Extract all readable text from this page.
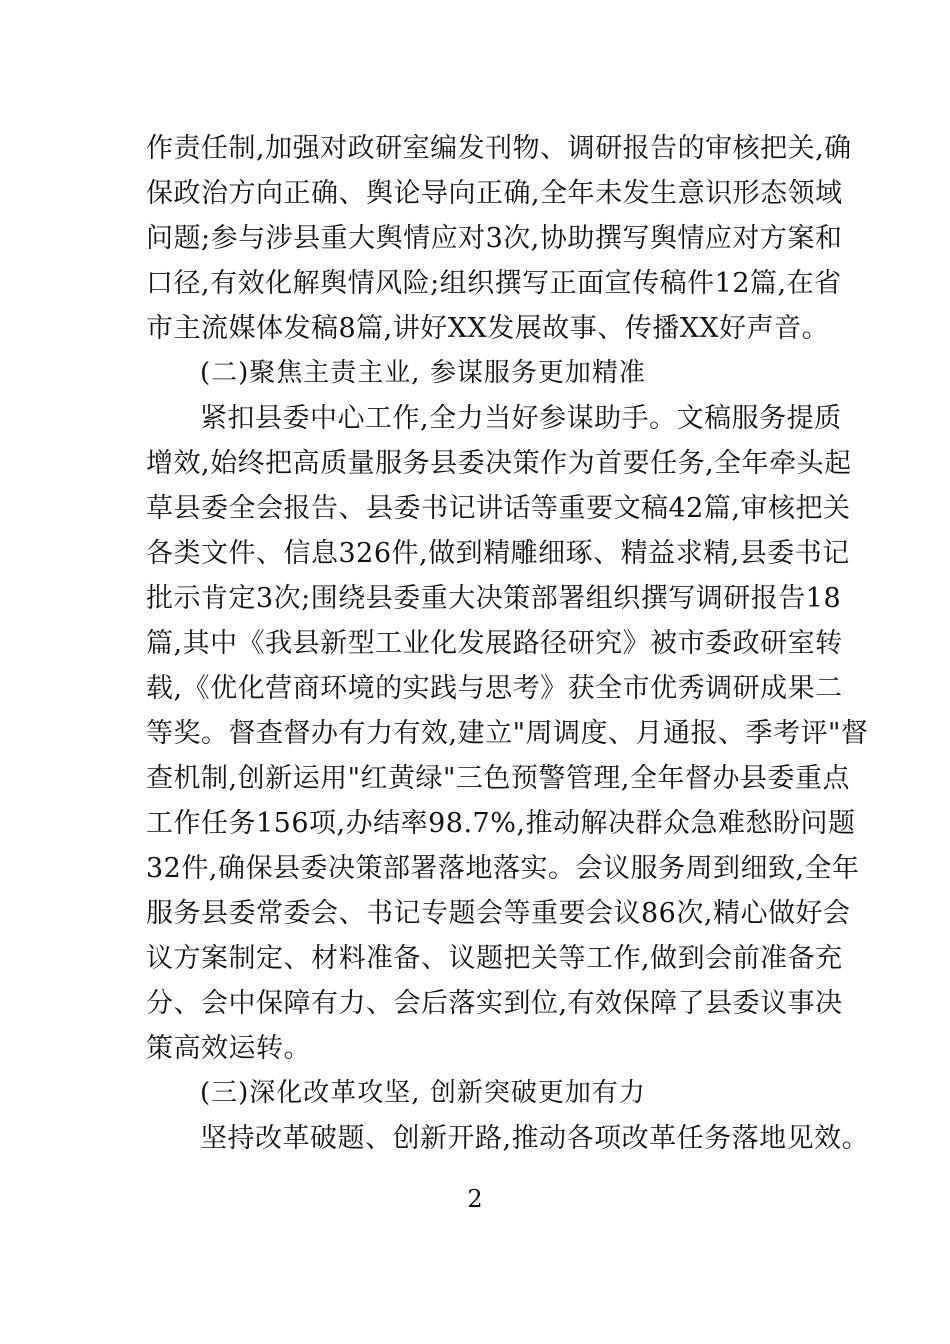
作责任制,加强对政研室编发刊物、调研报告的审核把关,确

保政治方向正确、舆论导向正确,全年未发生意识形态领域

问题;参与涉县重大舆情应对3次,协助撰写舆情应对方案和

口径,有效化解舆情风险;组织撰写正面宣传稿件12篇,在省

市主流媒体发稿8篇,讲好XX发展故事、传播XX好声音。

(二)聚焦主责主业, 参谋服务更加精准

紧扣县委中心工作,全力当好参谋助手。文稿服务提质

增效,始终把高质量服务县委决策作为首要任务,全年牵头起

草县委全会报告、县委书记讲话等重要文稿42篇,审核把关

各类文件、信息326件,做到精雕细琢、精益求精,县委书记

批示肯定3次;围绕县委重大决策部署组织撰写调研报告18

篇,其中《我县新型工业化发展路径研究》被市委政研室转

载,《优化营商环境的实践与思考》获全市优秀调研成果二

等奖。督查督办有力有效,建立"周调度、月通报、季考评"督

查机制,创新运用"红黄绿"三色预警管理,全年督办县委重点

工作任务156项,办结率98.7%,推动解决群众急难愁盼问题

32件,确保县委决策部署落地落实。会议服务周到细致,全年

服务县委常委会、书记专题会等重要会议86次,精心做好会

议方案制定、材料准备、议题把关等工作,做到会前准备充

分、会中保障有力、会后落实到位,有效保障了县委议事决

策高效运转。

(三)深化改革攻坚, 创新突破更加有力

坚持改革破题、创新开路,推动各项改革任务落地见效。

2
